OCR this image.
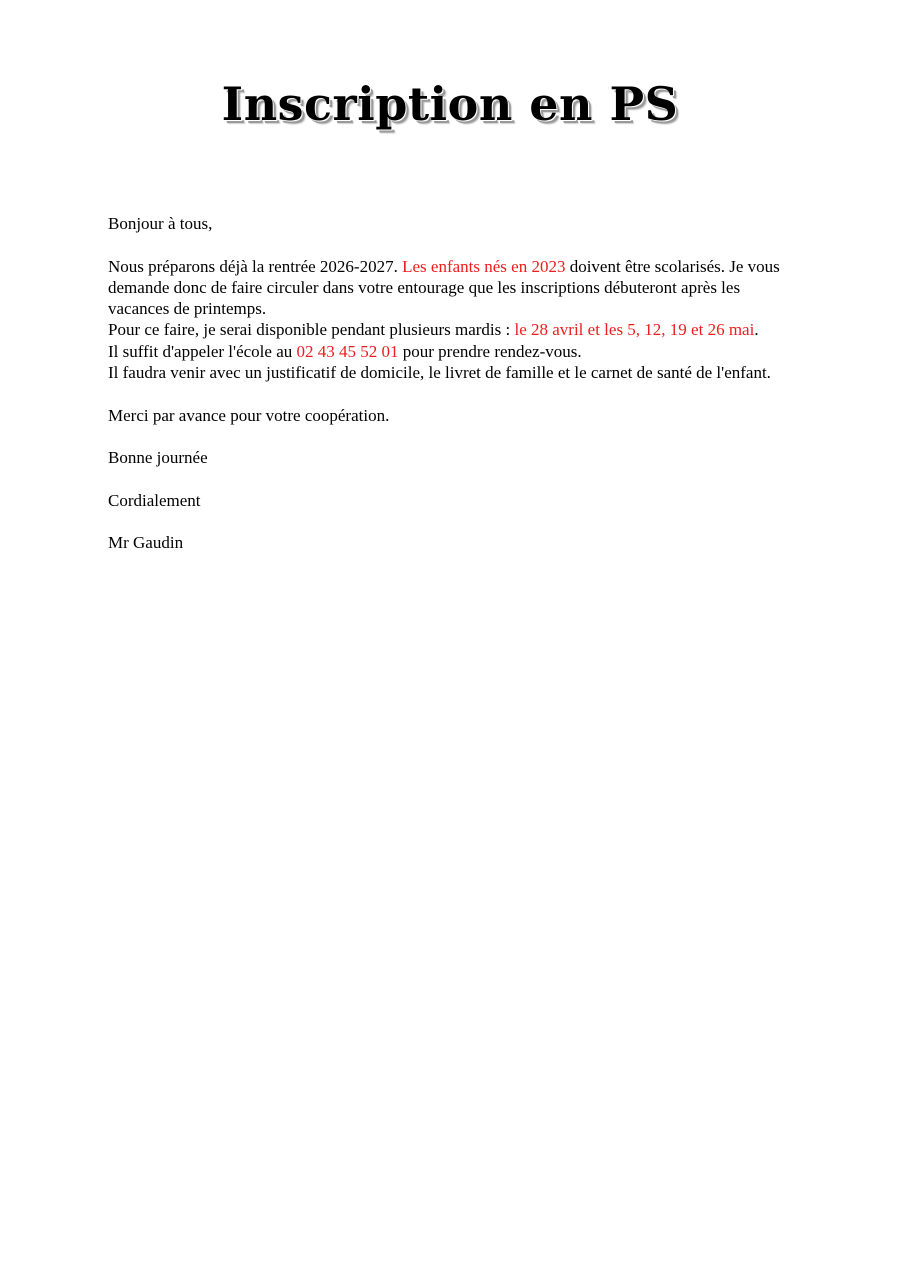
Inscription en PS

Bonjour à tous,

Nous préparons déjà la rentrée 2026-2027. Les enfants nés en 2023 doivent être scolarisés. Je vous demande donc de faire circuler dans votre entourage que les inscriptions débuteront après les vacances de printemps.

Pour ce faire, je serai disponible pendant plusieurs mardis : le 28 avril et les 5, 12, 19 et 26 mai.

Il suffit d'appeler l'école au 02 43 45 52 01 pour prendre rendez-vous.

Il faudra venir avec un justificatif de domicile, le livret de famille et le carnet de santé de l'enfant.

Merci par avance pour votre coopération.

Bonne journée

Cordialement

Mr Gaudin
